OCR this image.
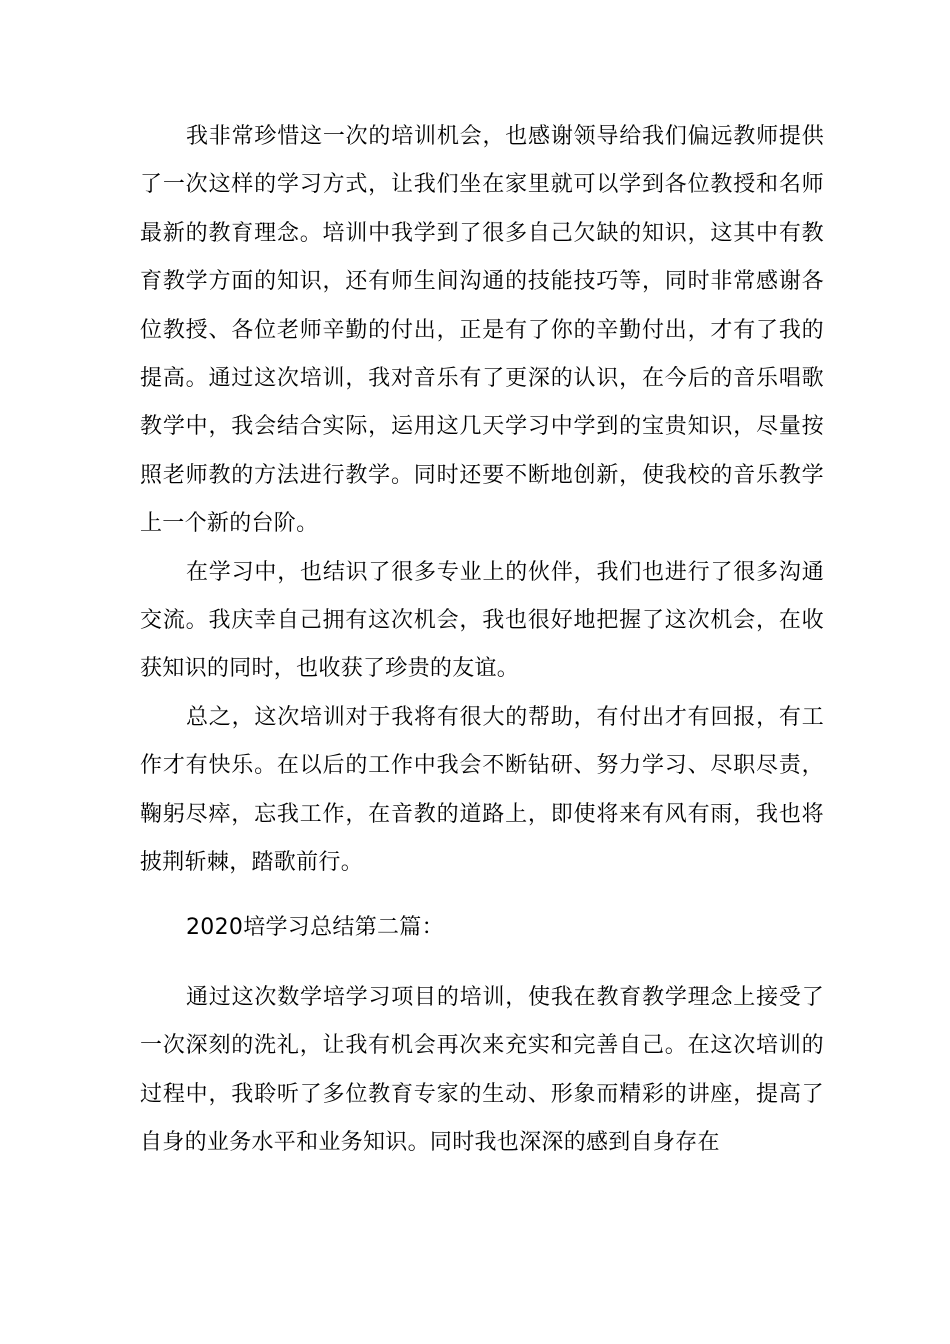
我非常珍惜这一次的培训机会，也感谢领导给我们偏远教师提供了一次这样的学习方式，让我们坐在家里就可以学到各位教授和名师最新的教育理念。培训中我学到了很多自己欠缺的知识，这其中有教育教学方面的知识，还有师生间沟通的技能技巧等，同时非常感谢各位教授、各位老师辛勤的付出，正是有了你的辛勤付出，才有了我的提高。通过这次培训，我对音乐有了更深的认识，在今后的音乐唱歌教学中，我会结合实际，运用这几天学习中学到的宝贵知识，尽量按照老师教的方法进行教学。同时还要不断地创新，使我校的音乐教学上一个新的台阶。

在学习中，也结识了很多专业上的伙伴，我们也进行了很多沟通交流。我庆幸自己拥有这次机会，我也很好地把握了这次机会，在收获知识的同时，也收获了珍贵的友谊。

总之，这次培训对于我将有很大的帮助，有付出才有回报，有工作才有快乐。在以后的工作中我会不断钻研、努力学习、尽职尽责，鞠躬尽瘁，忘我工作，在音教的道路上，即使将来有风有雨，我也将披荆斩棘，踏歌前行。

2020培学习总结第二篇：

通过这次数学培学习项目的培训，使我在教育教学理念上接受了一次深刻的洗礼，让我有机会再次来充实和完善自己。在这次培训的过程中，我聆听了多位教育专家的生动、形象而精彩的讲座，提高了自身的业务水平和业务知识。同时我也深深的感到自身存在
